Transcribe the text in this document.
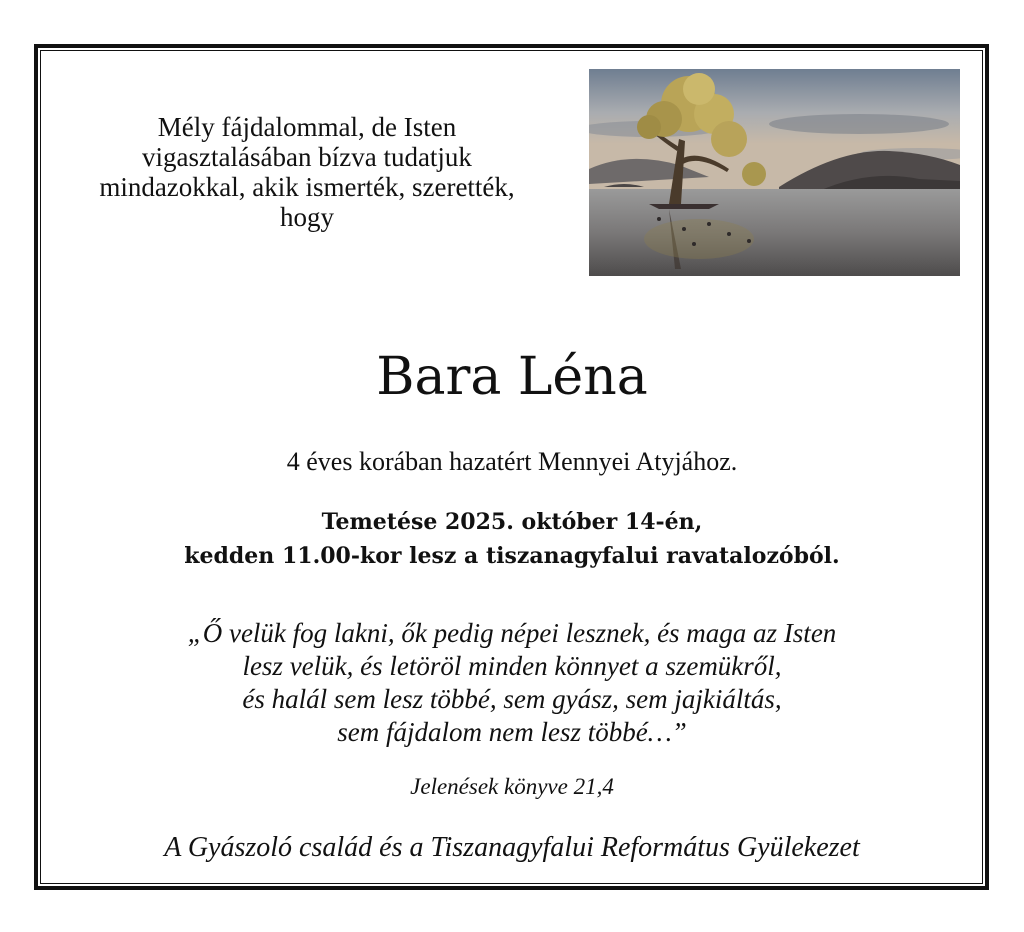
Mély fájdalommal, de Isten vigasztalásában bízva tudatjuk mindazokkal, akik ismerték, szerették, hogy
Bara Léna
4 éves korában hazatért Mennyei Atyjához.
Temetése 2025. október 14-én,
kedden 11.00-kor lesz a tiszanagyfalui ravatalozóból.
„Ő velük fog lakni, ők pedig népei lesznek, és maga az Isten
lesz velük, és letöröl minden könnyet a szemükről,
és halál sem lesz többé, sem gyász, sem jajkiáltás,
sem fájdalom nem lesz többé…”
Jelenések könyve 21,4
A Gyászoló család és a Tiszanagyfalui Református Gyülekezet
